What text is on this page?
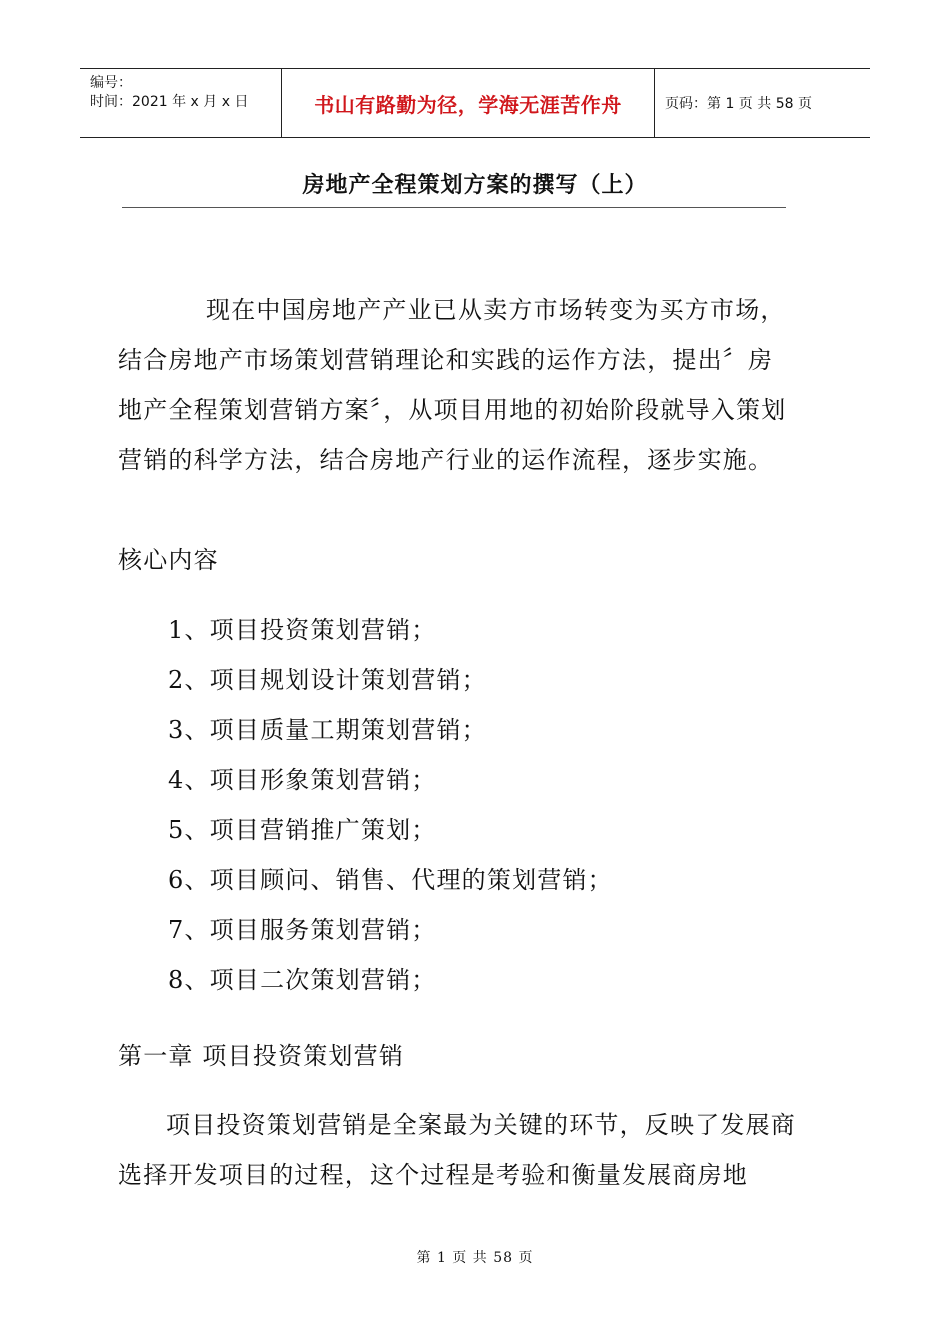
编号：
时间：2021 年 x 月 x 日	书山有路勤为径，学海无涯苦作舟	页码：第 1 页 共 58 页
房地产全程策划方案的撰写（上）
现在中国房地产产业已从卖方市场转变为买方市场，结合房地产市场策划营销理论和实践的运作方法，提出〞房地产全程策划营销方案〞，从项目用地的初始阶段就导入策划营销的科学方法，结合房地产行业的运作流程，逐步实施。
核心内容
1、项目投资策划营销；
2、项目规划设计策划营销；
3、项目质量工期策划营销；
4、项目形象策划营销；
5、项目营销推广策划；
6、项目顾问、销售、代理的策划营销；
7、项目服务策划营销；
8、项目二次策划营销；
第一章 项目投资策划营销
项目投资策划营销是全案最为关键的环节，反映了发展商选择开发项目的过程，这个过程是考验和衡量发展商房地
第 1 页 共 58 页
